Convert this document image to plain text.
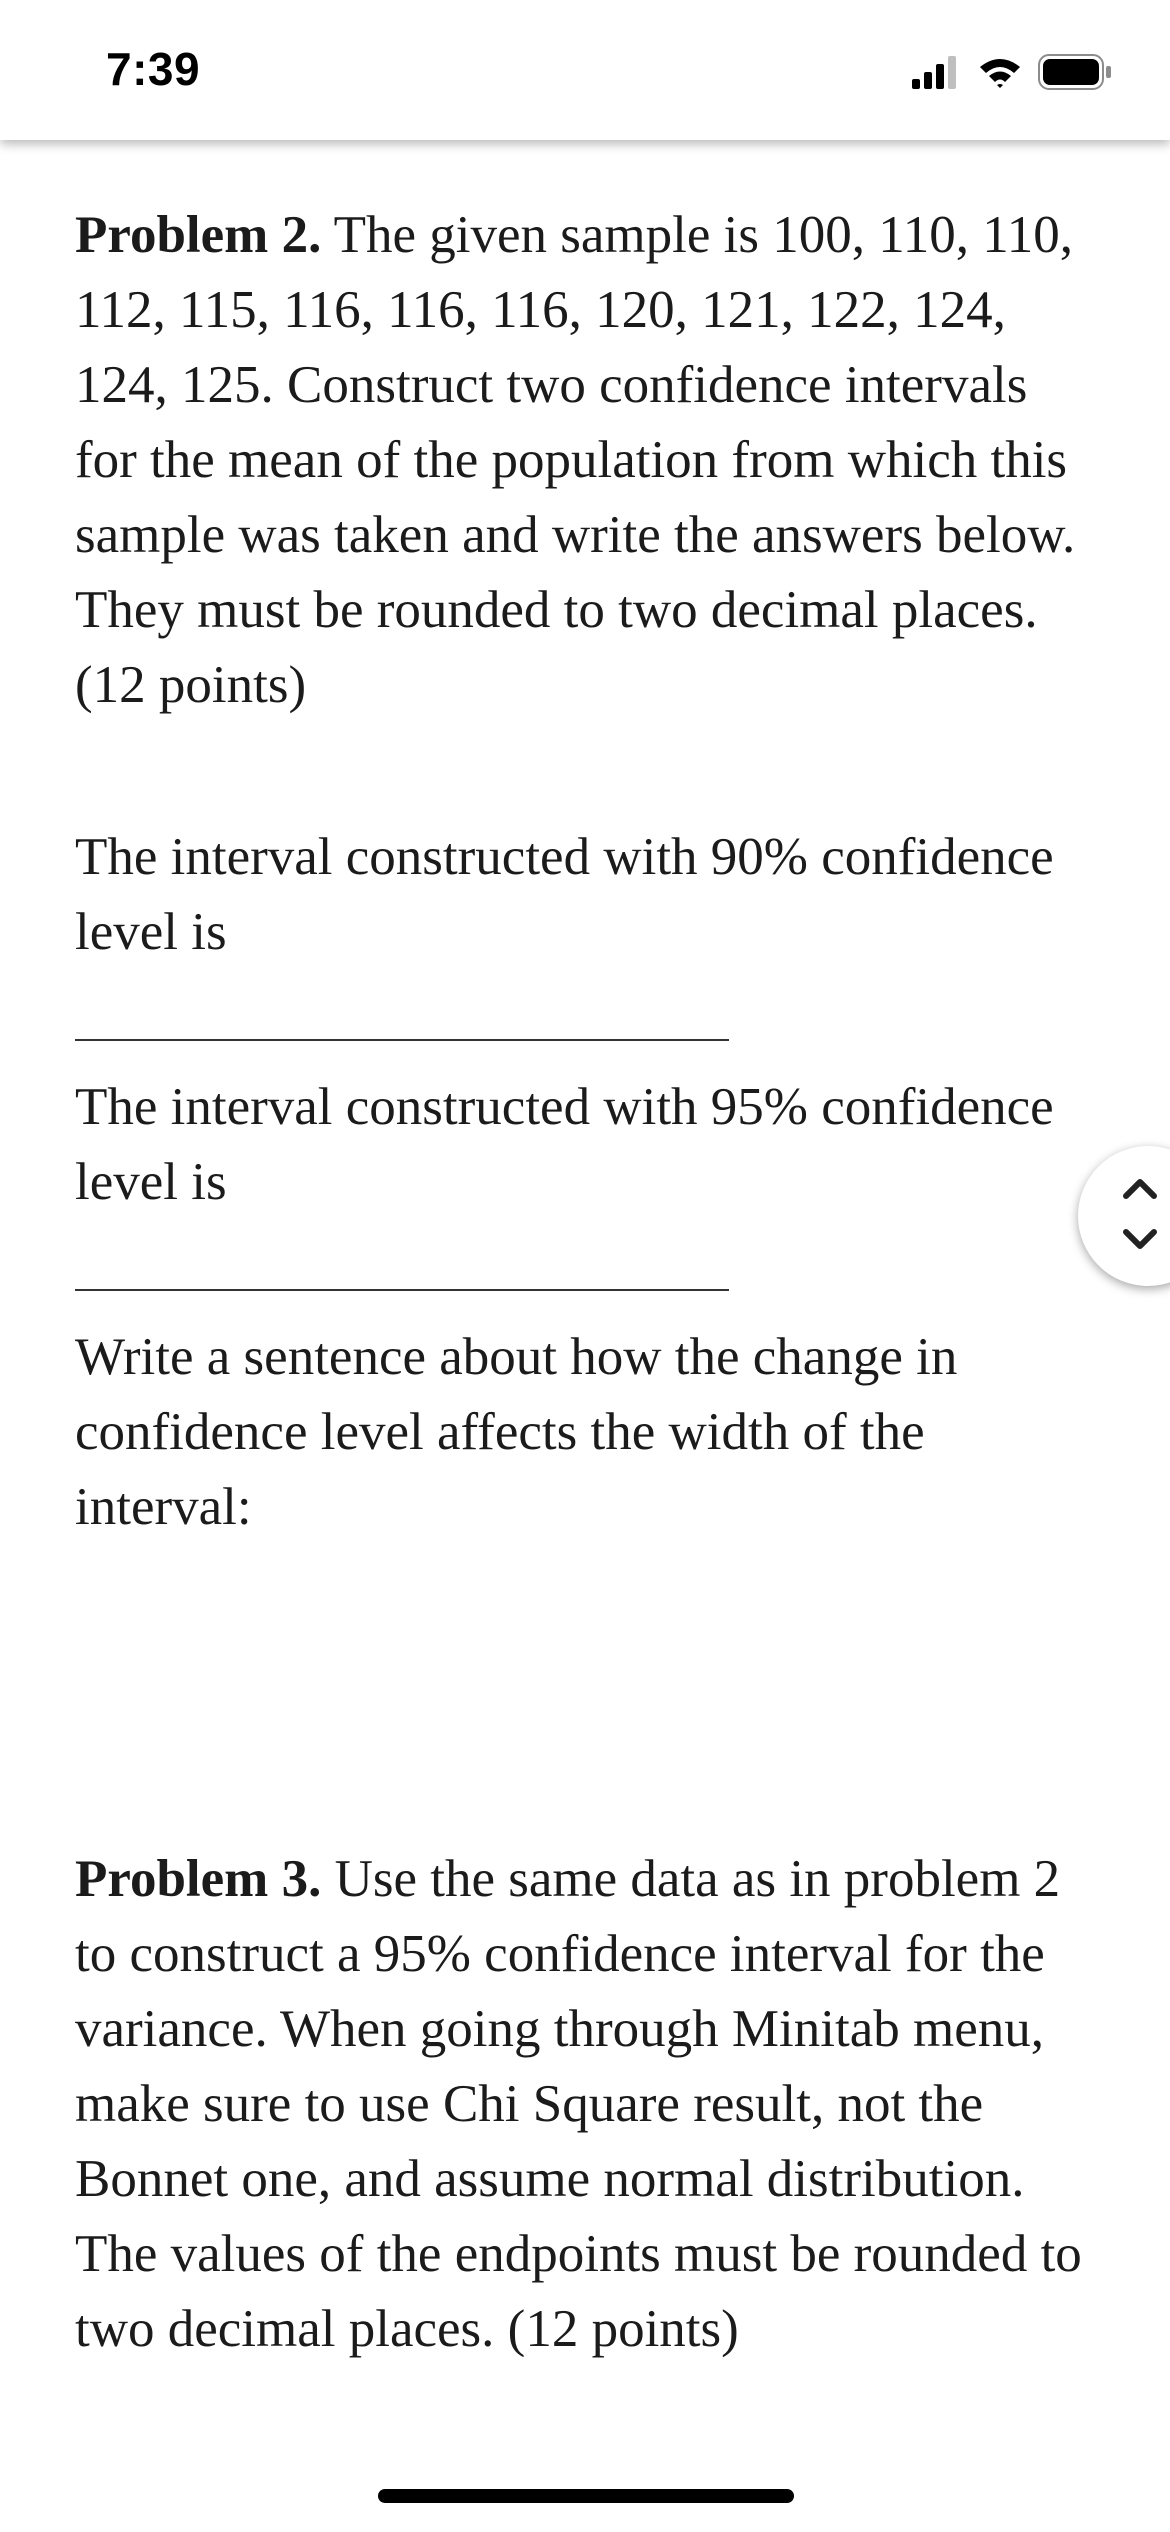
7:39

Problem 2. The given sample is 100, 110, 110, 112, 115, 116, 116, 116, 120, 121, 122, 124, 124, 125. Construct two confidence intervals for the mean of the population from which this sample was taken and write the answers below. They must be rounded to two decimal places. (12 points)

The interval constructed with 90% confidence level is

The interval constructed with 95% confidence level is

Write a sentence about how the change in confidence level affects the width of the interval:

Problem 3. Use the same data as in problem 2 to construct a 95% confidence interval for the variance. When going through Minitab menu, make sure to use Chi Square result, not the Bonnet one, and assume normal distribution. The values of the endpoints must be rounded to two decimal places. (12 points)
